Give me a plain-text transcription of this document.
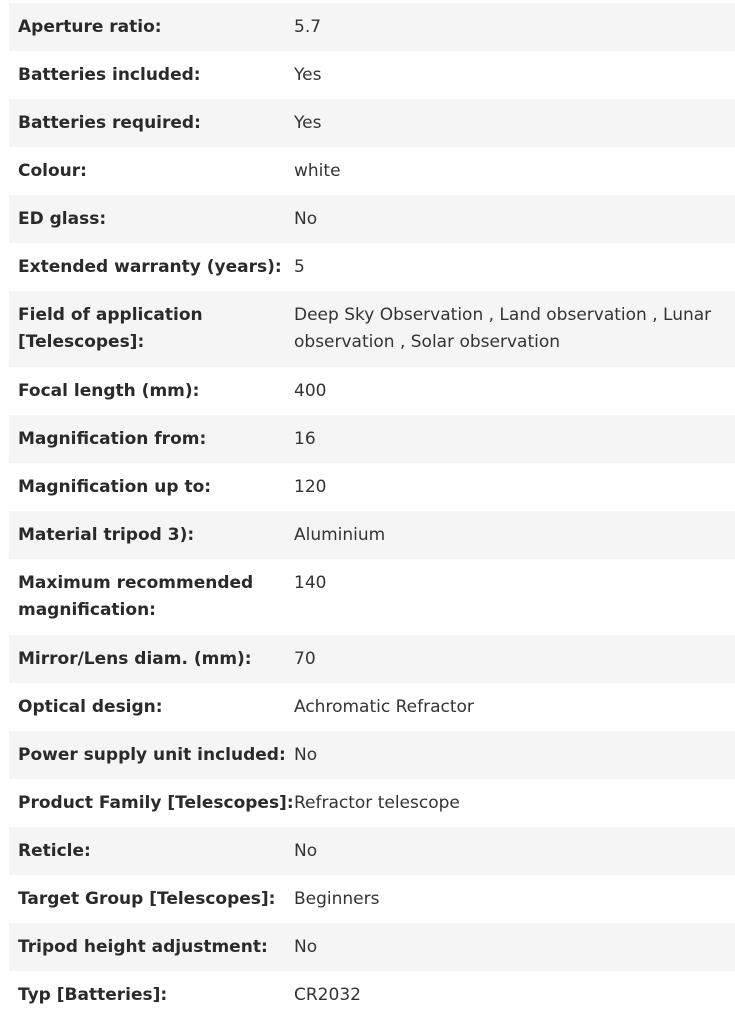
Aperture ratio:	5.7
Batteries included:	Yes
Batteries required:	Yes
Colour:	white
ED glass:	No
Extended warranty (years): 5
Field of application [Telescopes]:
Deep Sky Observation , Land observation , Lunar observation , Solar observation
Focal length (mm):	400
Magnification from:	16
Magnification up to:	120
Material tripod 3):	Aluminium
Maximum recommended magnification:
140
Mirror/Lens diam. (mm):	70
Optical design:	Achromatic Refractor
Power supply unit included: No
Product Family [Telescopes]: Refractor telescope
Reticle:	No
Target Group [Telescopes]:	Beginners
Tripod height adjustment:	No
Typ [Batteries]:	CR2032
